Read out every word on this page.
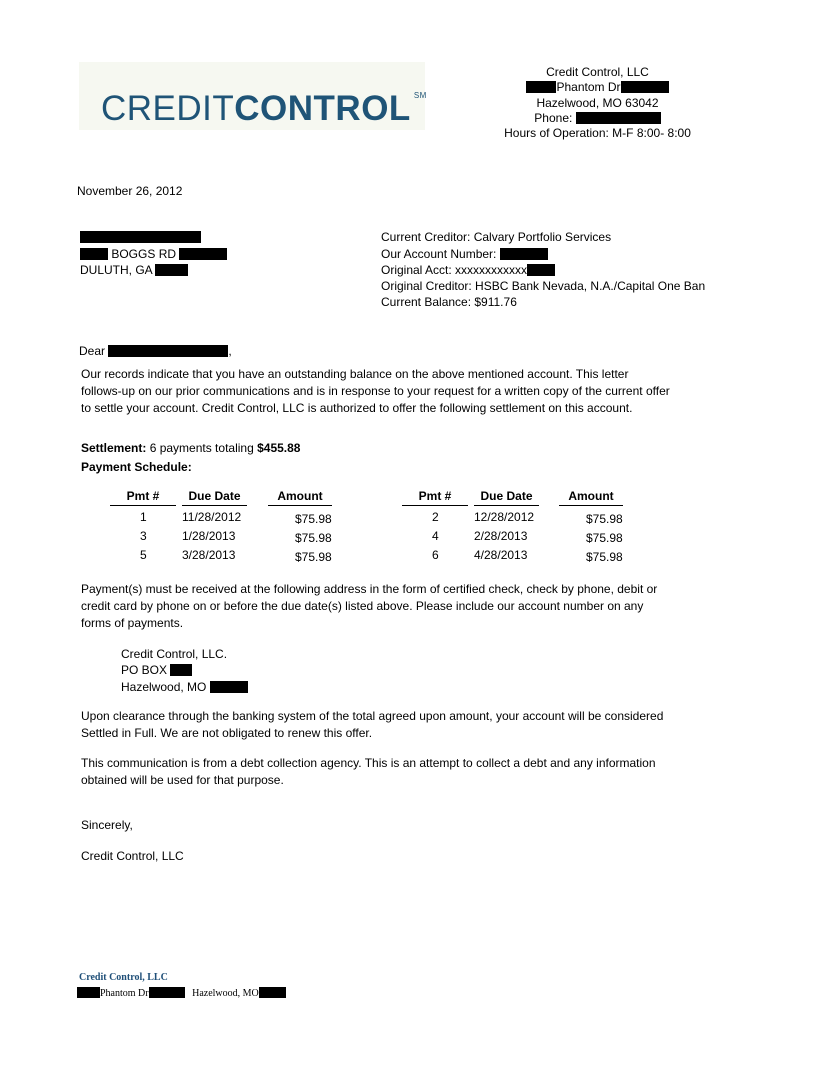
CREDITCONTROL ℠
Credit Control, LLC
Phantom Dr
Hazelwood, MO 63042
Phone:
Hours of Operation: M-F 8:00- 8:00
November 26, 2012
BOGGS RD
DULUTH, GA
Current Creditor: Calvary Portfolio Services
Our Account Number:
Original Acct: xxxxxxxxxxxx
Original Creditor: HSBC Bank Nevada, N.A./Capital One Ban
Current Balance: $911.76
Dear	,
Our records indicate that you have an outstanding balance on the above mentioned account. This letter
follows-up on our prior communications and is in response to your request for a written copy of the current offer
to settle your account. Credit Control, LLC is authorized to offer the following settlement on this account.
Settlement: 6 payments totaling $455.88
Payment Schedule:
Pmt #	Due Date	Amount
1	11/28/2012	$75.98
3	1/28/2013	$75.98
5	3/28/2013	$75.98
Pmt #	Due Date	Amount
2	12/28/2012	$75.98
4	2/28/2013	$75.98
6	4/28/2013	$75.98
Payment(s) must be received at the following address in the form of certified check, check by phone, debit or
credit card by phone on or before the due date(s) listed above. Please include our account number on any
forms of payments.
Credit Control, LLC.
PO BOX
Hazelwood, MO
Upon clearance through the banking system of the total agreed upon amount, your account will be considered
Settled in Full. We are not obligated to renew this offer.
This communication is from a debt collection agency. This is an attempt to collect a debt and any information
obtained will be used for that purpose.
Sincerely,
Credit Control, LLC
Credit Control, LLC
Phantom Dr	Hazelwood, MO
